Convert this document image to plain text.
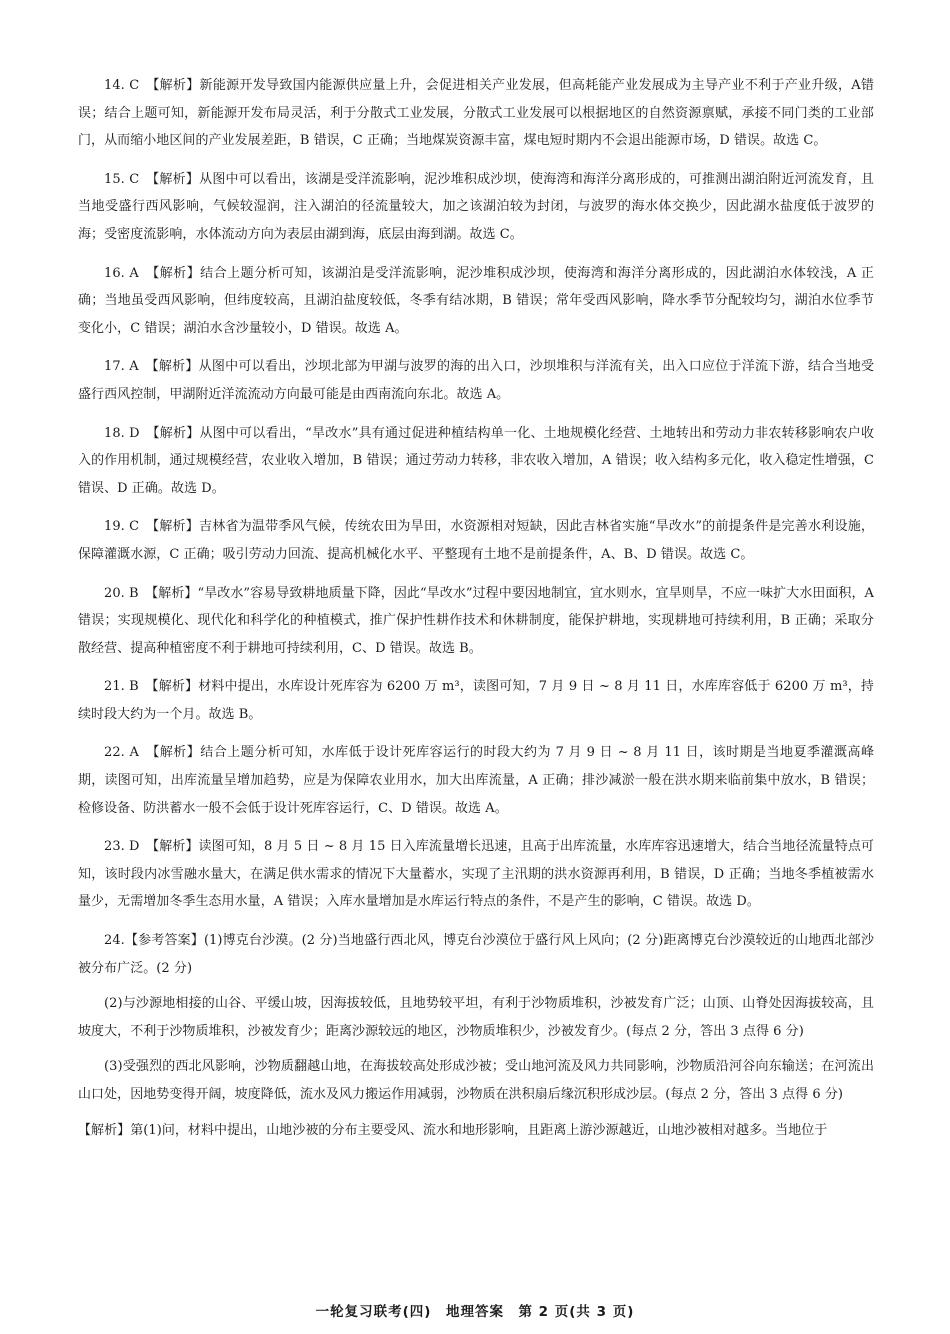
14. C　 【解析】新能源开发导致国内能源供应量上升，会促进相关产业发展，但高耗能产业发展成为主导产业不利于产业升级，A错误；结合上题可知，新能源开发布局灵活，利于分散式工业发展，分散式工业发展可以根据地区的自然资源禀赋，承接不同门类的工业部门，从而缩小地区间的产业发展差距，B 错误，C 正确；当地煤炭资源丰富，煤电短时期内不会退出能源市场，D 错误。故选 C。

15. C　 【解析】从图中可以看出，该湖是受洋流影响，泥沙堆积成沙坝，使海湾和海洋分离形成的，可推测出湖泊附近河流发育，且当地受盛行西风影响，气候较湿润，注入湖泊的径流量较大，加之该湖泊较为封闭，与波罗的海水体交换少，因此湖水盐度低于波罗的海；受密度流影响，水体流动方向为表层由湖到海，底层由海到湖。故选 C。

16. A　 【解析】结合上题分析可知，该湖泊是受洋流影响，泥沙堆积成沙坝，使海湾和海洋分离形成的，因此湖泊水体较浅，A 正确；当地虽受西风影响，但纬度较高，且湖泊盐度较低，冬季有结冰期，B 错误；常年受西风影响，降水季节分配较均匀，湖泊水位季节变化小，C 错误；湖泊水含沙量较小，D 错误。故选 A。

17. A　 【解析】从图中可以看出，沙坝北部为甲湖与波罗的海的出入口，沙坝堆积与洋流有关，出入口应位于洋流下游，结合当地受盛行西风控制，甲湖附近洋流流动方向最可能是由西南流向东北。故选 A。

18. D　 【解析】从图中可以看出，“旱改水”具有通过促进种植结构单一化、土地规模化经营、土地转出和劳动力非农转移影响农户收入的作用机制，通过规模经营，农业收入增加，B 错误；通过劳动力转移，非农收入增加，A 错误；收入结构多元化，收入稳定性增强，C 错误、D 正确。故选 D。

19. C　 【解析】吉林省为温带季风气候，传统农田为旱田，水资源相对短缺，因此吉林省实施“旱改水”的前提条件是完善水利设施，保障灌溉水源，C 正确；吸引劳动力回流、提高机械化水平、平整现有土地不是前提条件，A、B、D 错误。故选 C。

20. B　 【解析】“旱改水”容易导致耕地质量下降，因此“旱改水”过程中要因地制宜，宜水则水，宜旱则旱，不应一味扩大水田面积，A 错误；实现规模化、现代化和科学化的种植模式，推广保护性耕作技术和休耕制度，能保护耕地，实现耕地可持续利用，B 正确；采取分散经营、提高种植密度不利于耕地可持续利用，C、D 错误。故选 B。

21. B　 【解析】材料中提出，水库设计死库容为 6200 万 m³，读图可知，7 月 9 日 ~ 8 月 11 日，水库库容低于 6200 万 m³，持续时段大约为一个月。故选 B。

22. A　 【解析】结合上题分析可知，水库低于设计死库容运行的时段大约为 7 月 9 日 ~ 8 月 11 日，该时期是当地夏季灌溉高峰期，读图可知，出库流量呈增加趋势，应是为保障农业用水，加大出库流量，A 正确；排沙减淤一般在洪水期来临前集中放水，B 错误；检修设备、防洪蓄水一般不会低于设计死库容运行，C、D 错误。故选 A。

23. D　 【解析】读图可知，8 月 5 日 ~ 8 月 15 日入库流量增长迅速，且高于出库流量，水库库容迅速增大，结合当地径流量特点可知，该时段内冰雪融水量大，在满足供水需求的情况下大量蓄水，实现了主汛期的洪水资源再利用，B 错误，D 正确；当地冬季植被需水量少，无需增加冬季生态用水量，A 错误；入库水量增加是水库运行特点的条件，不是产生的影响，C 错误。故选 D。

24.【参考答案】(1)博克台沙漠。(2 分)当地盛行西北风，博克台沙漠位于盛行风上风向；(2 分)距离博克台沙漠较近的山地西北部沙被分布广泛。(2 分)

(2)与沙源地相接的山谷、平缓山坡，因海拔较低，且地势较平坦，有利于沙物质堆积，沙被发育广泛；山顶、山脊处因海拔较高，且坡度大，不利于沙物质堆积，沙被发育少；距离沙源较远的地区，沙物质堆积少，沙被发育少。(每点 2 分，答出 3 点得 6 分)

(3)受强烈的西北风影响，沙物质翻越山地，在海拔较高处形成沙被；受山地河流及风力共同影响，沙物质沿河谷向东输送；在河流出山口处，因地势变得开阔，坡度降低，流水及风力搬运作用减弱，沙物质在洪积扇后缘沉积形成沙层。(每点 2 分，答出 3 点得 6 分)

【解析】第(1)问，材料中提出，山地沙被的分布主要受风、流水和地形影响，且距离上游沙源越近，山地沙被相对越多。当地位于

一轮复习联考(四)　地理答案　第 2 页(共 3 页)
